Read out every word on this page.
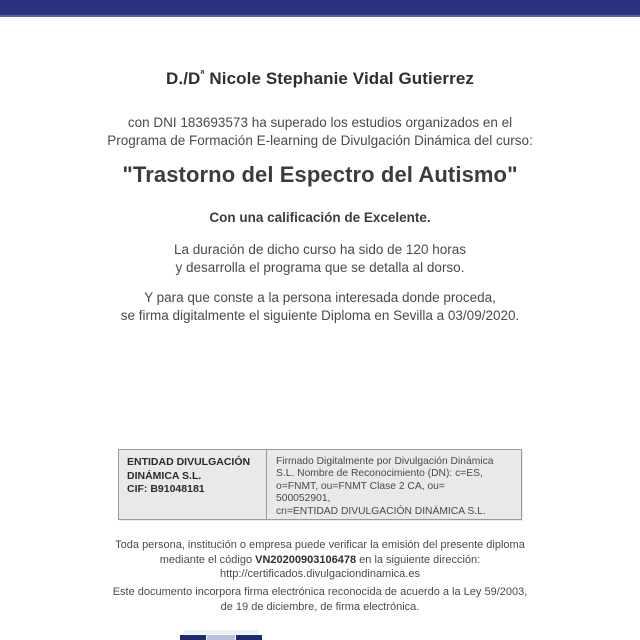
$D./D^ª$ Nicole Stephanie Vidal Gutierrez
con DNI 183693573 ha superado los estudios organizados en el
Programa de Formación E-learning de Divulgación Dinámica del curso:
"Trastorno del Espectro del Autismo"
Con una calificación de Excelente.
La duración de dicho curso ha sido de 120 horas
y desarrolla el programa que se detalla al dorso.
Y para que conste a la persona interesada donde proceda,
se firma digitalmente el siguiente Diploma en Sevilla a 03/09/2020.
ENTIDAD DIVULGACIÓN
DINÁMICA S.L.
CIF: B91048181
Firmado Digitalmente por Divulgación Dinámica
S.L. Nombre de Reconocimiento (DN): c=ES,
o=FNMT, ou=FNMT Clase 2 CA, ou=
500052901,
cn=ENTIDAD DIVULGACIÓN DINÁMICA S.L.
Toda persona, institución o empresa puede verificar la emisión del presente diploma
mediante el código VN20200903106478 en la siguiente dirección:
http://certificados.divulgaciondinamica.es
Este documento incorpora firma electrónica reconocida de acuerdo a la Ley 59/2003,
de 19 de diciembre, de firma electrónica.
